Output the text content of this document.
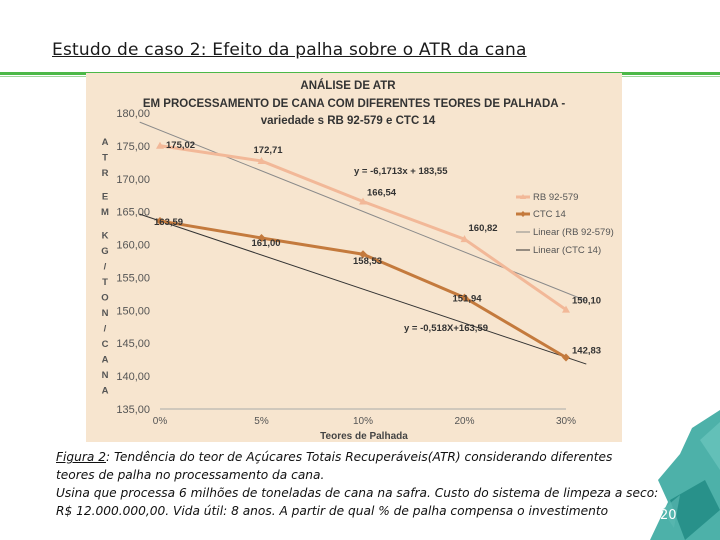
Estudo de caso 2: Efeito da palha sobre o ATR da cana
ANÁLISE DE ATR
EM PROCESSAMENTO DE CANA COM DIFERENTES TEORES DE PALHADA -
variedade s RB 92-579 e CTC 14
A
T
R
E
M
K
G
/
T
O
N
/
C
A
N
A
135,00
140,00
145,00
150,00
155,00
160,00
165,00
170,00
175,00
180,00
0%	5%	10%	20%	30%
Teores de Palhada
175,02	172,71
166,54
160,82
150,10
163,59
161,00
158,53
151,94
142,83
y = -6,1713x + 183,55
y = -0,518X+163,59
RB 92-579
CTC 14
Linear (RB 92-579)
Linear (CTC 14)
Figura 2: Tendência do teor de Açúcares Totais Recuperáveis(ATR) considerando diferentes
teores de palha no processamento da cana.
Usina que processa 6 milhões de toneladas de cana na safra. Custo do sistema de limpeza a seco:
R$ 12.000.000,00. Vida útil: 8 anos. A partir de qual % de palha compensa o investimento	20
